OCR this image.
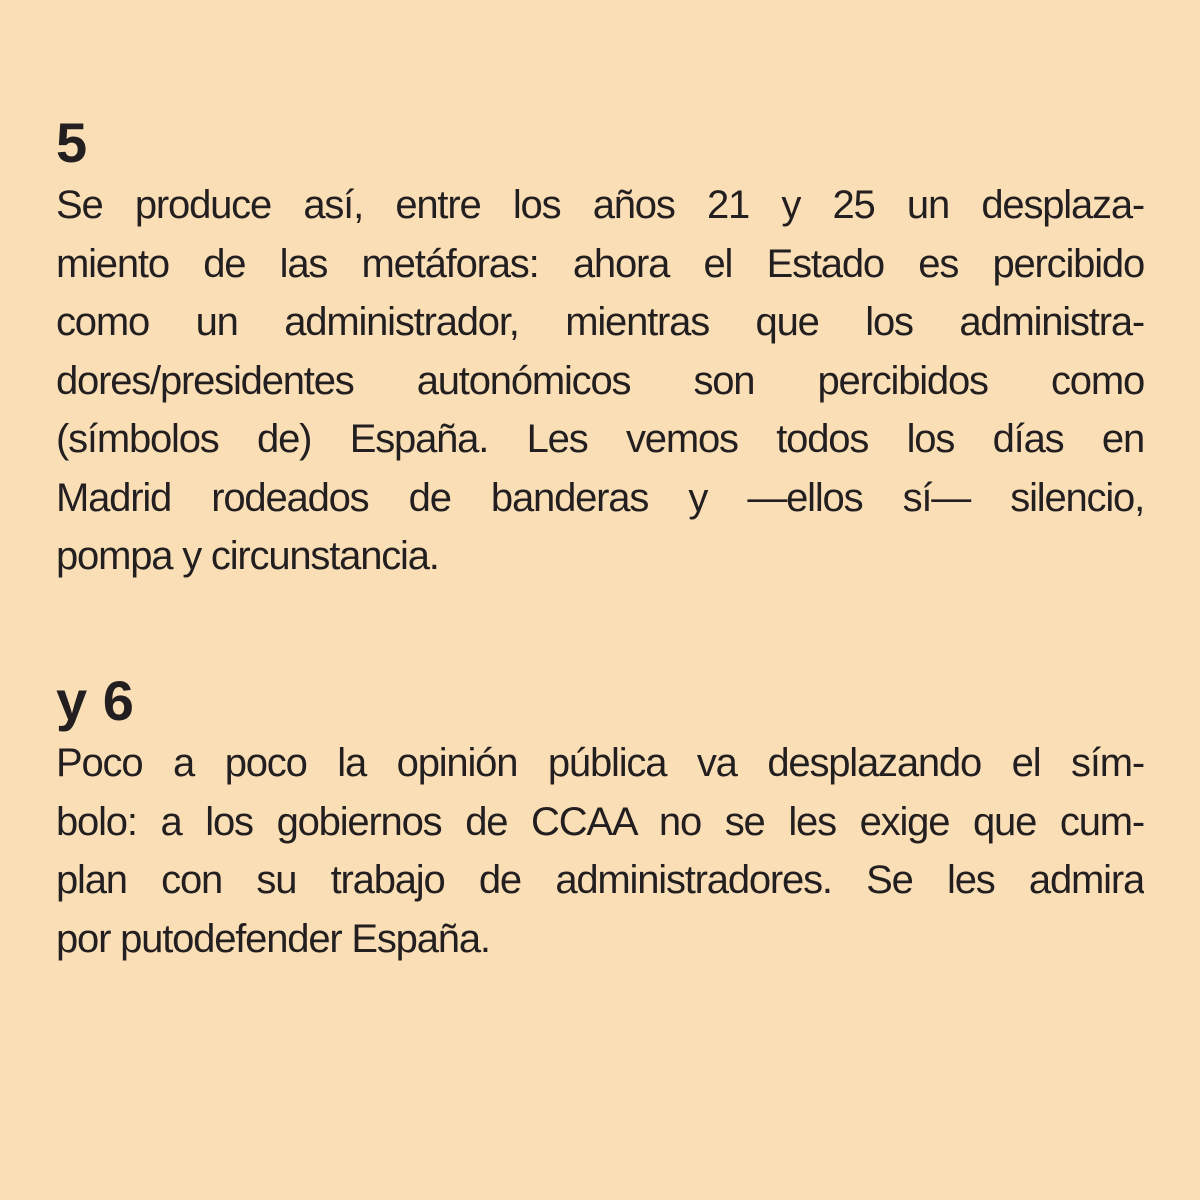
5

Se produce así, entre los años 21 y 25 un desplaza-
miento de las metáforas: ahora el Estado es percibido
como un administrador, mientras que los administra-
dores/presidentes autonómicos son percibidos como
(símbolos de) España. Les vemos todos los días en
Madrid rodeados de banderas y —ellos sí— silencio,
pompa y circunstancia.

y 6

Poco a poco la opinión pública va desplazando el sím-
bolo: a los gobiernos de CCAA no se les exige que cum-
plan con su trabajo de administradores. Se les admira
por putodefender España.
